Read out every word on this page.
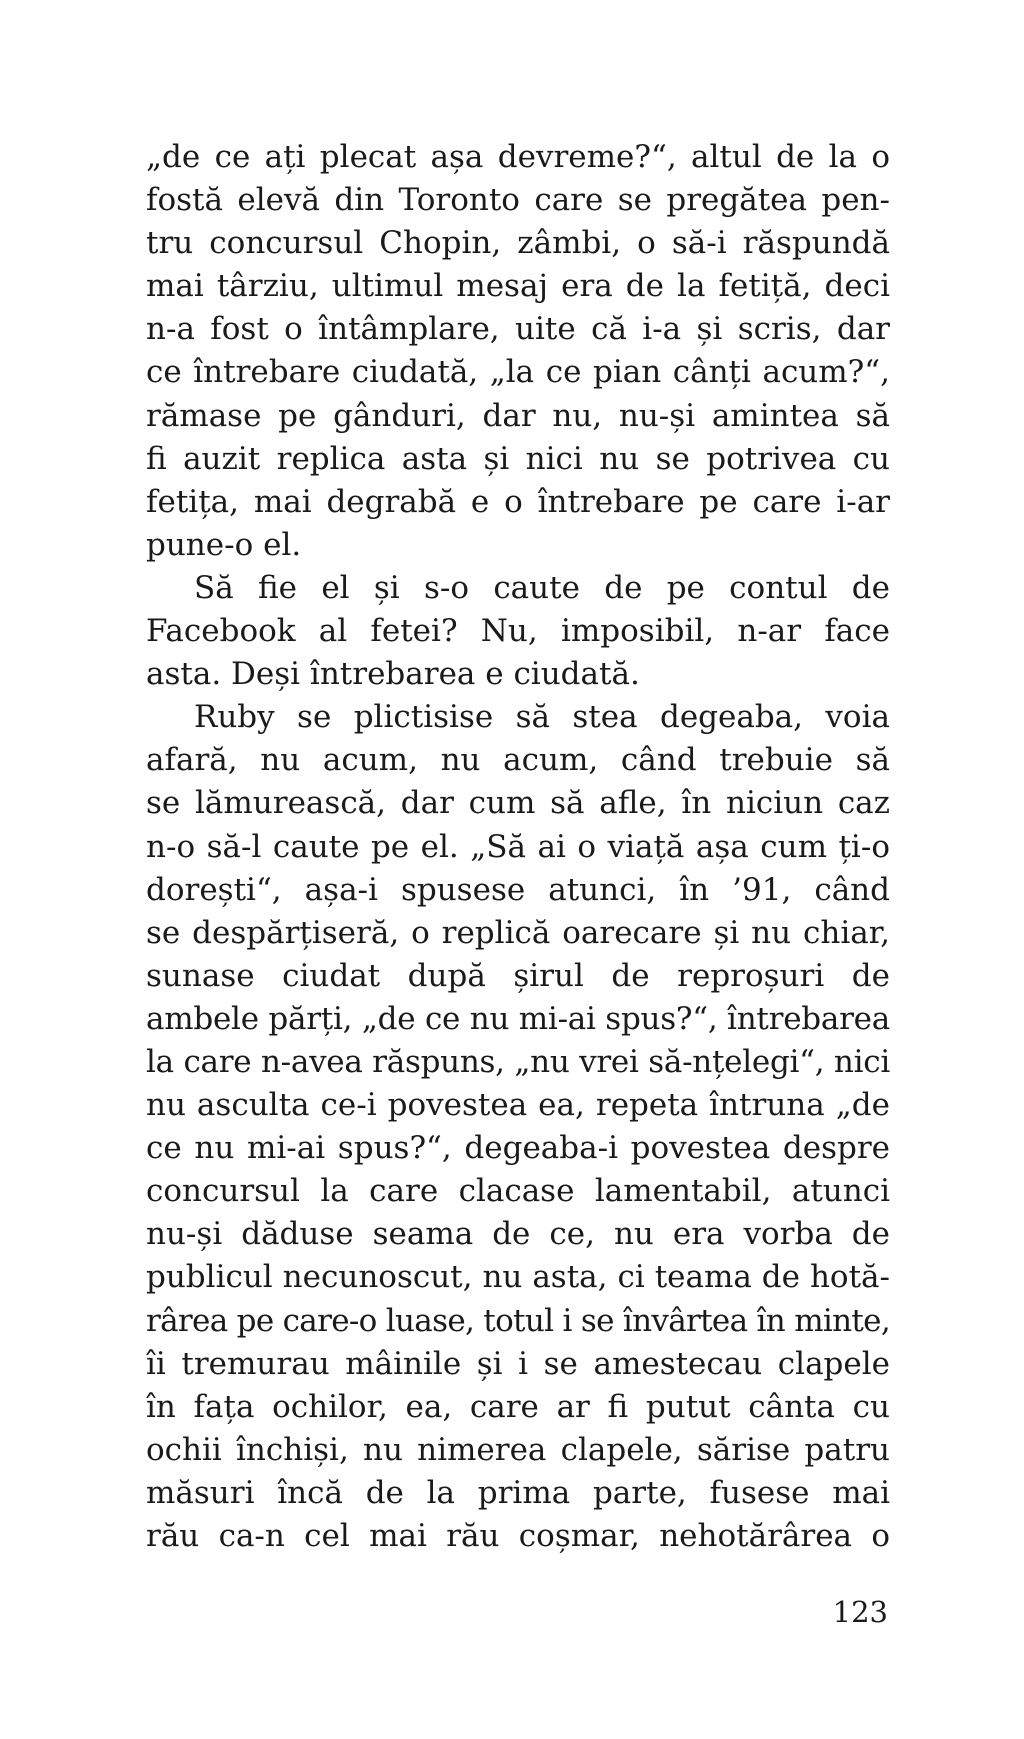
„de ce ați plecat așa devreme?“, altul de la o
fostă elevă din Toronto care se pregătea pen-
tru concursul Chopin, zâmbi, o să-i răspundă
mai târziu, ultimul mesaj era de la fetiță, deci
n-a fost o întâmplare, uite că i-a și scris, dar
ce întrebare ciudată, „la ce pian cânți acum?“,
rămase pe gânduri, dar nu, nu-și amintea să
fi auzit replica asta și nici nu se potrivea cu
fetița, mai degrabă e o întrebare pe care i-ar
pune-o el.
Să fie el și s-o caute de pe contul de
Facebook al fetei? Nu, imposibil, n-ar face
asta. Deși întrebarea e ciudată.
Ruby se plictisise să stea degeaba, voia
afară, nu acum, nu acum, când trebuie să
se lămurească, dar cum să afle, în niciun caz
n-o să-l caute pe el. „Să ai o viață așa cum ți-o
dorești“, așa-i spusese atunci, în ’91, când
se despărțiseră, o replică oarecare și nu chiar,
sunase ciudat după șirul de reproșuri de
ambele părți, „de ce nu mi-ai spus?“, întrebarea
la care n-avea răspuns, „nu vrei să-nțelegi“, nici
nu asculta ce-i povestea ea, repeta întruna „de
ce nu mi-ai spus?“, degeaba-i povestea despre
concursul la care clacase lamentabil, atunci
nu-și dăduse seama de ce, nu era vorba de
publicul necunoscut, nu asta, ci teama de hotă-
rârea pe care-o luase, totul i se învârtea în minte,
îi tremurau mâinile și i se amestecau clapele
în fața ochilor, ea, care ar fi putut cânta cu
ochii închiși, nu nimerea clapele, sărise patru
măsuri încă de la prima parte, fusese mai
rău ca-n cel mai rău coșmar, nehotărârea o
123
